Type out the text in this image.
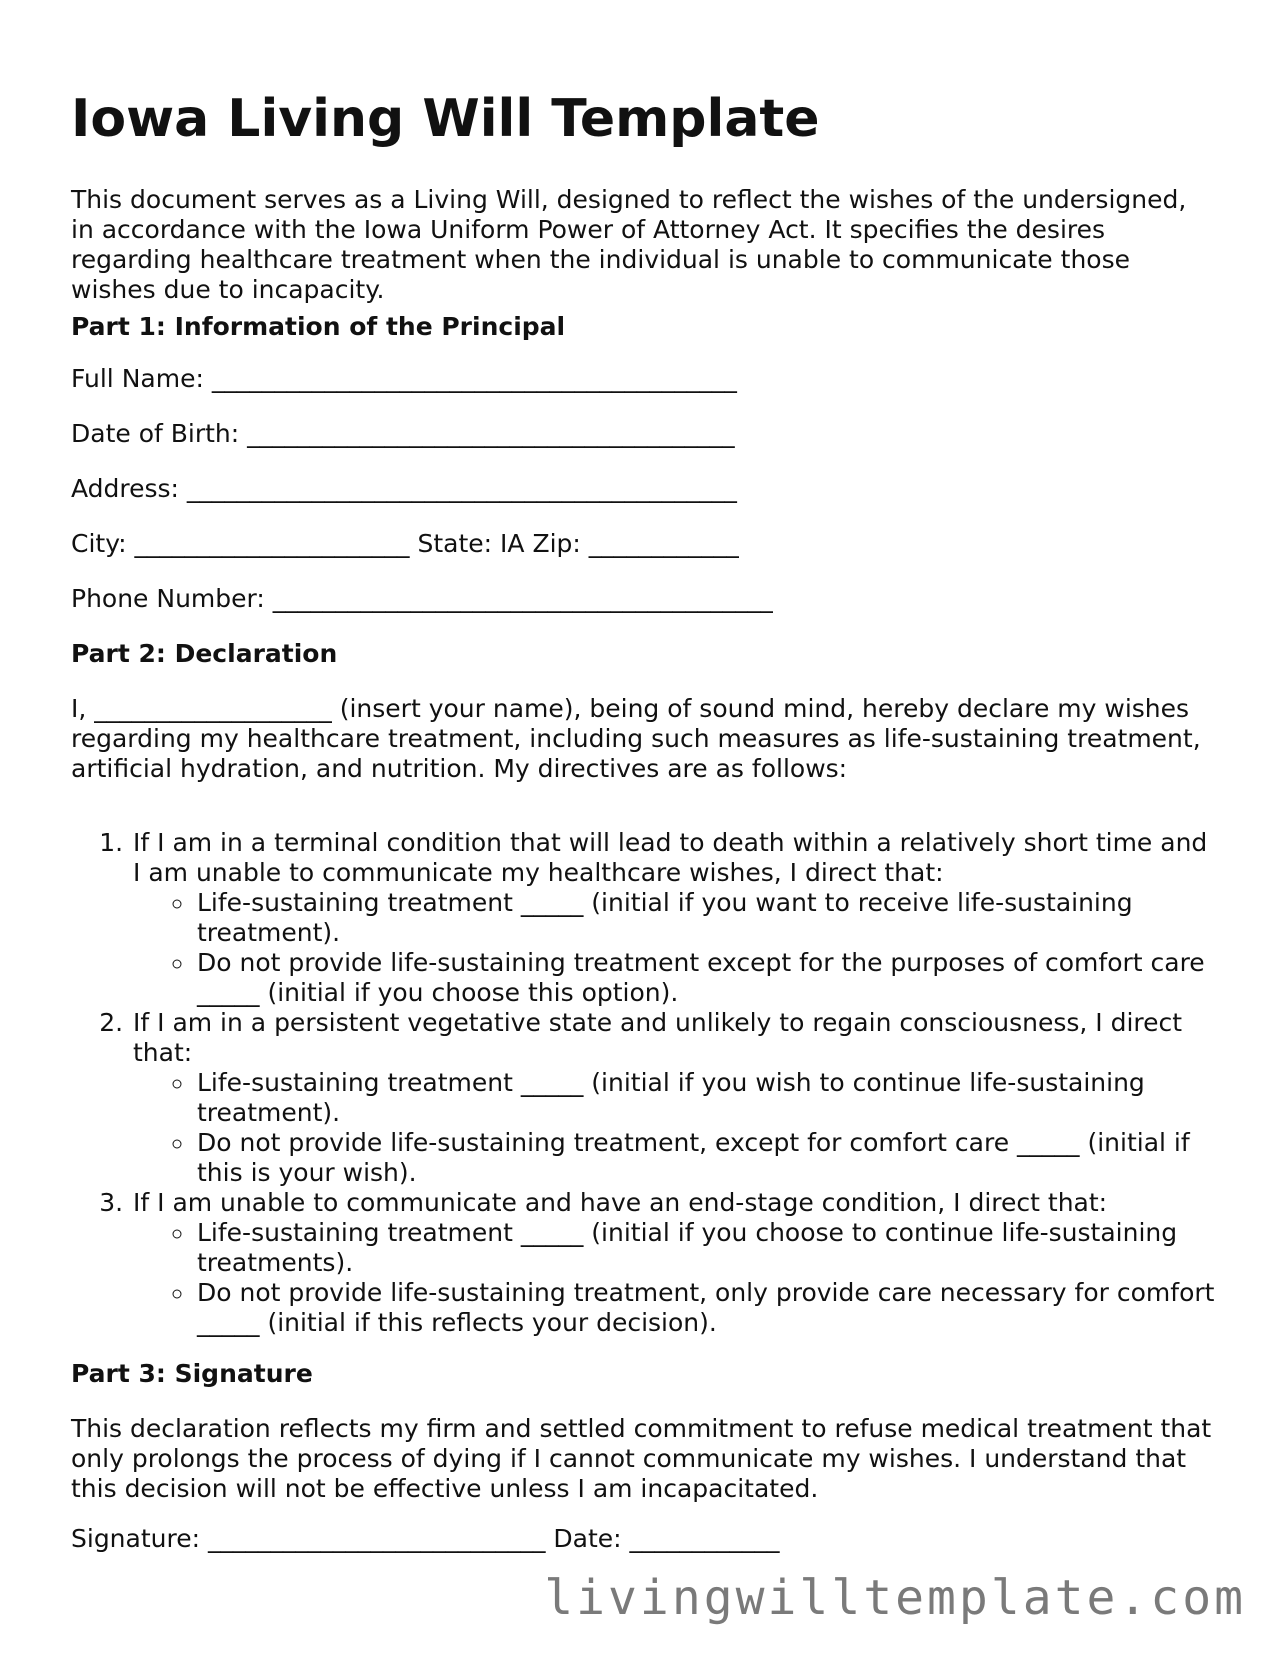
Iowa Living Will Template

This document serves as a Living Will, designed to reflect the wishes of the undersigned, in accordance with the Iowa Uniform Power of Attorney Act. It specifies the desires regarding healthcare treatment when the individual is unable to communicate those wishes due to incapacity.

Part 1: Information of the Principal
Full Name: __________________________________________
Date of Birth: _______________________________________
Address: ____________________________________________
City: ______________________ State: IA Zip: ____________
Phone Number: ________________________________________
Part 2: Declaration

I, ___________________ (insert your name), being of sound mind, hereby declare my wishes regarding my healthcare treatment, including such measures as life-sustaining treatment, artificial hydration, and nutrition. My directives are as follows:

1. If I am in a terminal condition that will lead to death within a relatively short time and I am unable to communicate my healthcare wishes, I direct that:
◦ Life-sustaining treatment _____ (initial if you want to receive life-sustaining treatment).
◦ Do not provide life-sustaining treatment except for the purposes of comfort care _____ (initial if you choose this option).
2. If I am in a persistent vegetative state and unlikely to regain consciousness, I direct that:
◦ Life-sustaining treatment _____ (initial if you wish to continue life-sustaining treatment).
◦ Do not provide life-sustaining treatment, except for comfort care _____ (initial if this is your wish).
3. If I am unable to communicate and have an end-stage condition, I direct that:
◦ Life-sustaining treatment _____ (initial if you choose to continue life-sustaining treatments).
◦ Do not provide life-sustaining treatment, only provide care necessary for comfort _____ (initial if this reflects your decision).
Part 3: Signature

This declaration reflects my firm and settled commitment to refuse medical treatment that only prolongs the process of dying if I cannot communicate my wishes. I understand that this decision will not be effective unless I am incapacitated.

Signature: ___________________________ Date: ____________
livingwilltemplate.com
